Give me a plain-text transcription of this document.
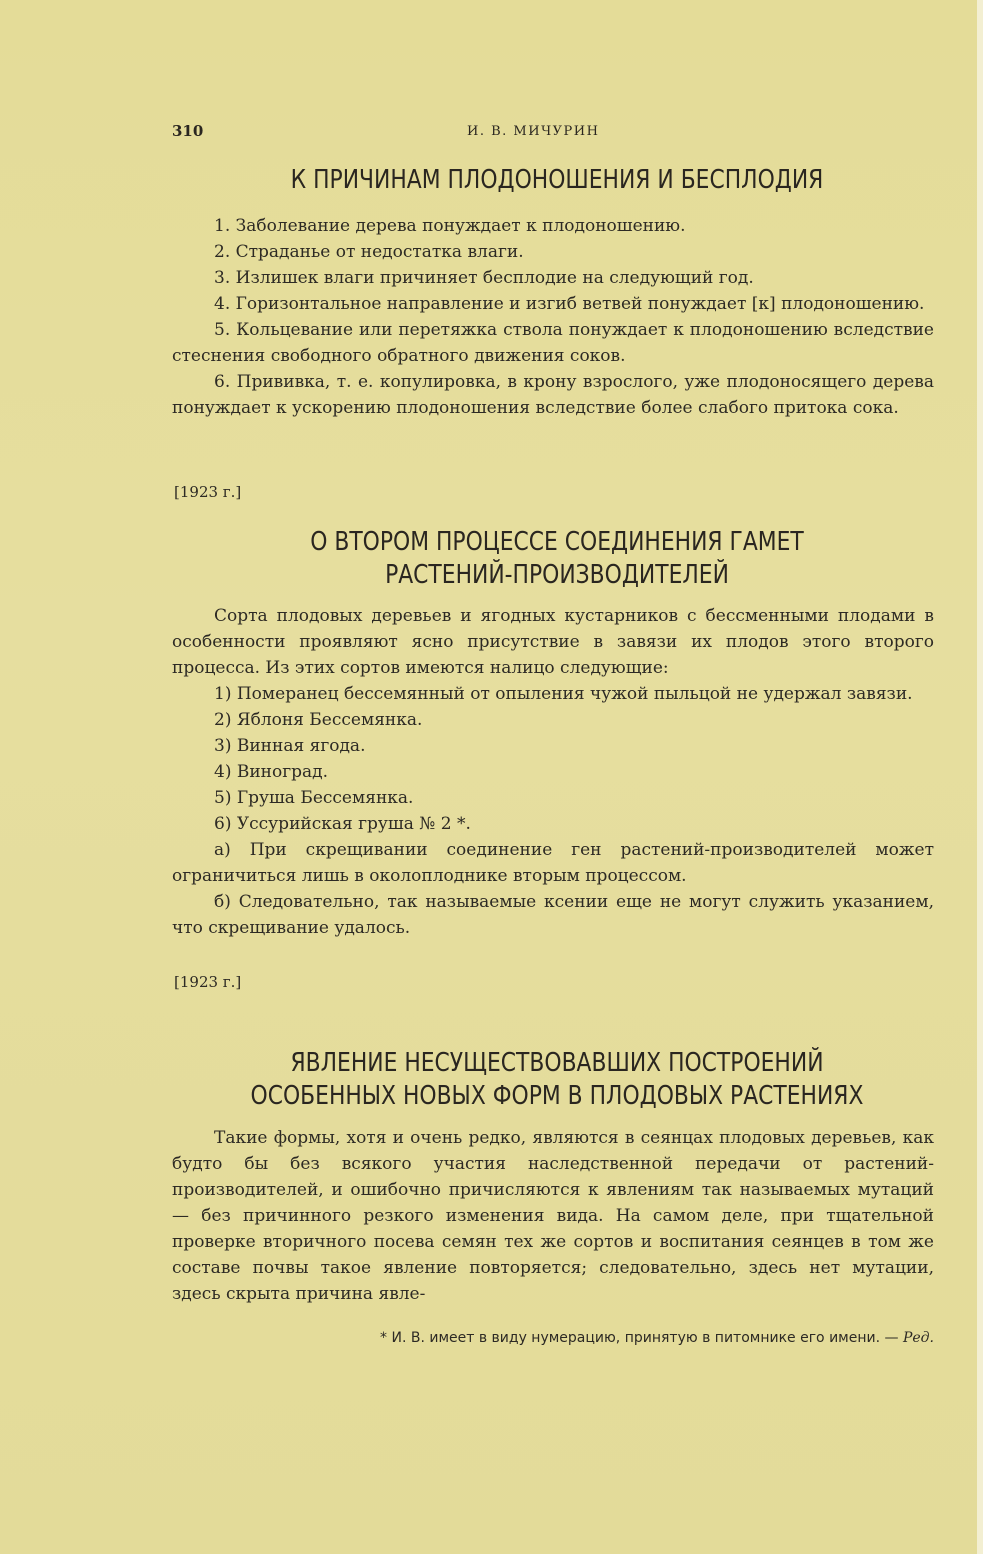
310	И. В. МИЧУРИН
К ПРИЧИНАМ ПЛОДОНОШЕНИЯ И БЕСПЛОДИЯ

1. Заболевание дерева понуждает к плодоношению.

2. Страданье от недостатка влаги.

3. Излишек влаги причиняет бесплодие на следующий год.

4. Горизонтальное направление и изгиб ветвей понуждает [к] плодоношению.

5. Кольцевание или перетяжка ствола понуждает к плодоношению вследствие стеснения свободного обратного движения соков.

6. Прививка, т. е. копулировка, в крону взрослого, уже плодоносящего дерева понуждает к ускорению плодоношения вследствие более слабого притока сока.

[1923 г.]
О ВТОРОМ ПРОЦЕССЕ СОЕДИНЕНИЯ ГАМЕТ
РАСТЕНИЙ-ПРОИЗВОДИТЕЛЕЙ

Сорта плодовых деревьев и ягодных кустарников с бессменными плодами в особенности проявляют ясно присутствие в завязи их плодов этого второго процесса. Из этих сортов имеются налицо следующие:

1) Померанец бессемянный от опыления чужой пыльцой не удержал завязи.

2) Яблоня Бессемянка.

3) Винная ягода.

4) Виноград.

5) Груша Бессемянка.

6) Уссурийская груша № 2 *.

а) При скрещивании соединение ген растений-производителей может ограничиться лишь в околоплоднике вторым процессом.

б) Следовательно, так называемые ксении еще не могут служить указанием, что скрещивание удалось.

[1923 г.]
ЯВЛЕНИЕ НЕСУЩЕСТВОВАВШИХ ПОСТРОЕНИЙ
ОСОБЕННЫХ НОВЫХ ФОРМ В ПЛОДОВЫХ РАСТЕНИЯХ

Такие формы, хотя и очень редко, являются в сеянцах плодовых деревьев, как будто бы без всякого участия наследственной передачи от растений-производителей, и ошибочно причисляются к явлениям так называемых мутаций — без причинного резкого изменения вида. На самом деле, при тщательной проверке вторичного посева семян тех же сортов и воспитания сеянцев в том же составе почвы такое явление повторяется; следовательно, здесь нет мутации, здесь скрыта причина явле-

* И. В. имеет в виду нумерацию, принятую в питомнике его имени. — Ред.
